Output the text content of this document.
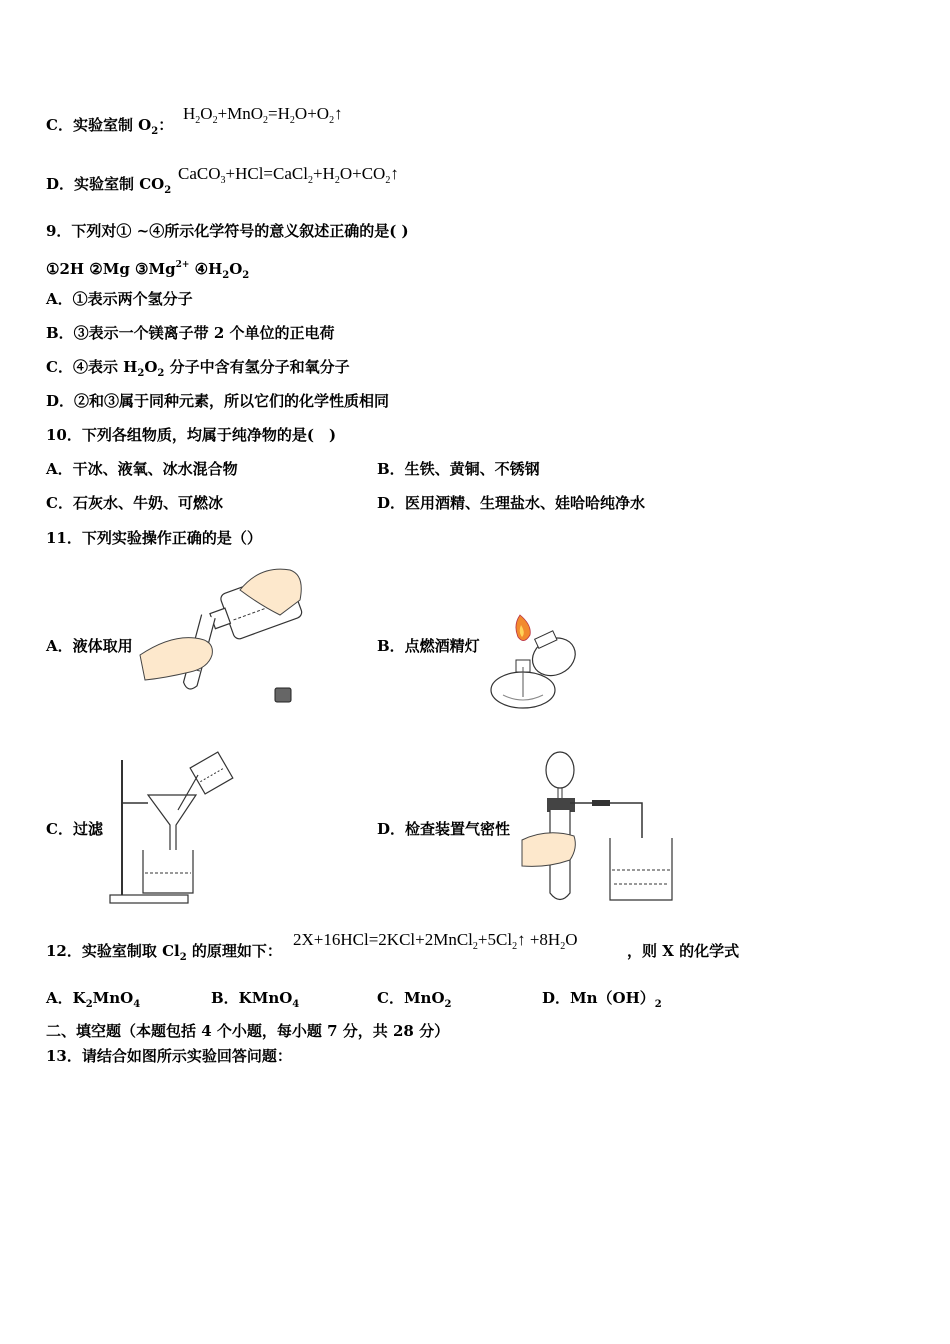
C．实验室制 $O_2$：
$H_2O_2+MnO_2=H_2O+O_2↑$
D．实验室制 $CO_2$
$CaCO_3+HCl=CaCl_2+H_2O+CO_2↑$
9．下列对① ~④所示化学符号的意义叙述正确的是( )
①2H ②Mg $③Mg^{2+}$ $④H_2O_2$
A．①表示两个氢分子
B．③表示一个镁离子带 2 个单位的正电荷
C．④表示 $H_2O_2$ 分子中含有氢分子和氧分子
D．②和③属于同种元素，所以它们的化学性质相同
10．下列各组物质，均属于纯净物的是(　)
A．干冰、液氧、冰水混合物	B．生铁、黄铜、不锈钢
C．石灰水、牛奶、可燃冰	D．医用酒精、生理盐水、娃哈哈纯净水
11．下列实验操作正确的是（）
A．液体取用	B．点燃酒精灯
C．过滤	D．检查装置气密性
12．实验室制取 $Cl_2$ 的原理如下：
$2X+16HCl=2KCl+2MnCl_2+5Cl_2↑ +8H_2O$
，则 X 的化学式
A．$K_2MnO_4$	B．KMnO$_4$	C．MnO$_2$	D．$Mn(OH)_2$
二、填空题（本题包括 4 个小题，每小题 7 分，共 28 分）
13．请结合如图所示实验回答问题：
